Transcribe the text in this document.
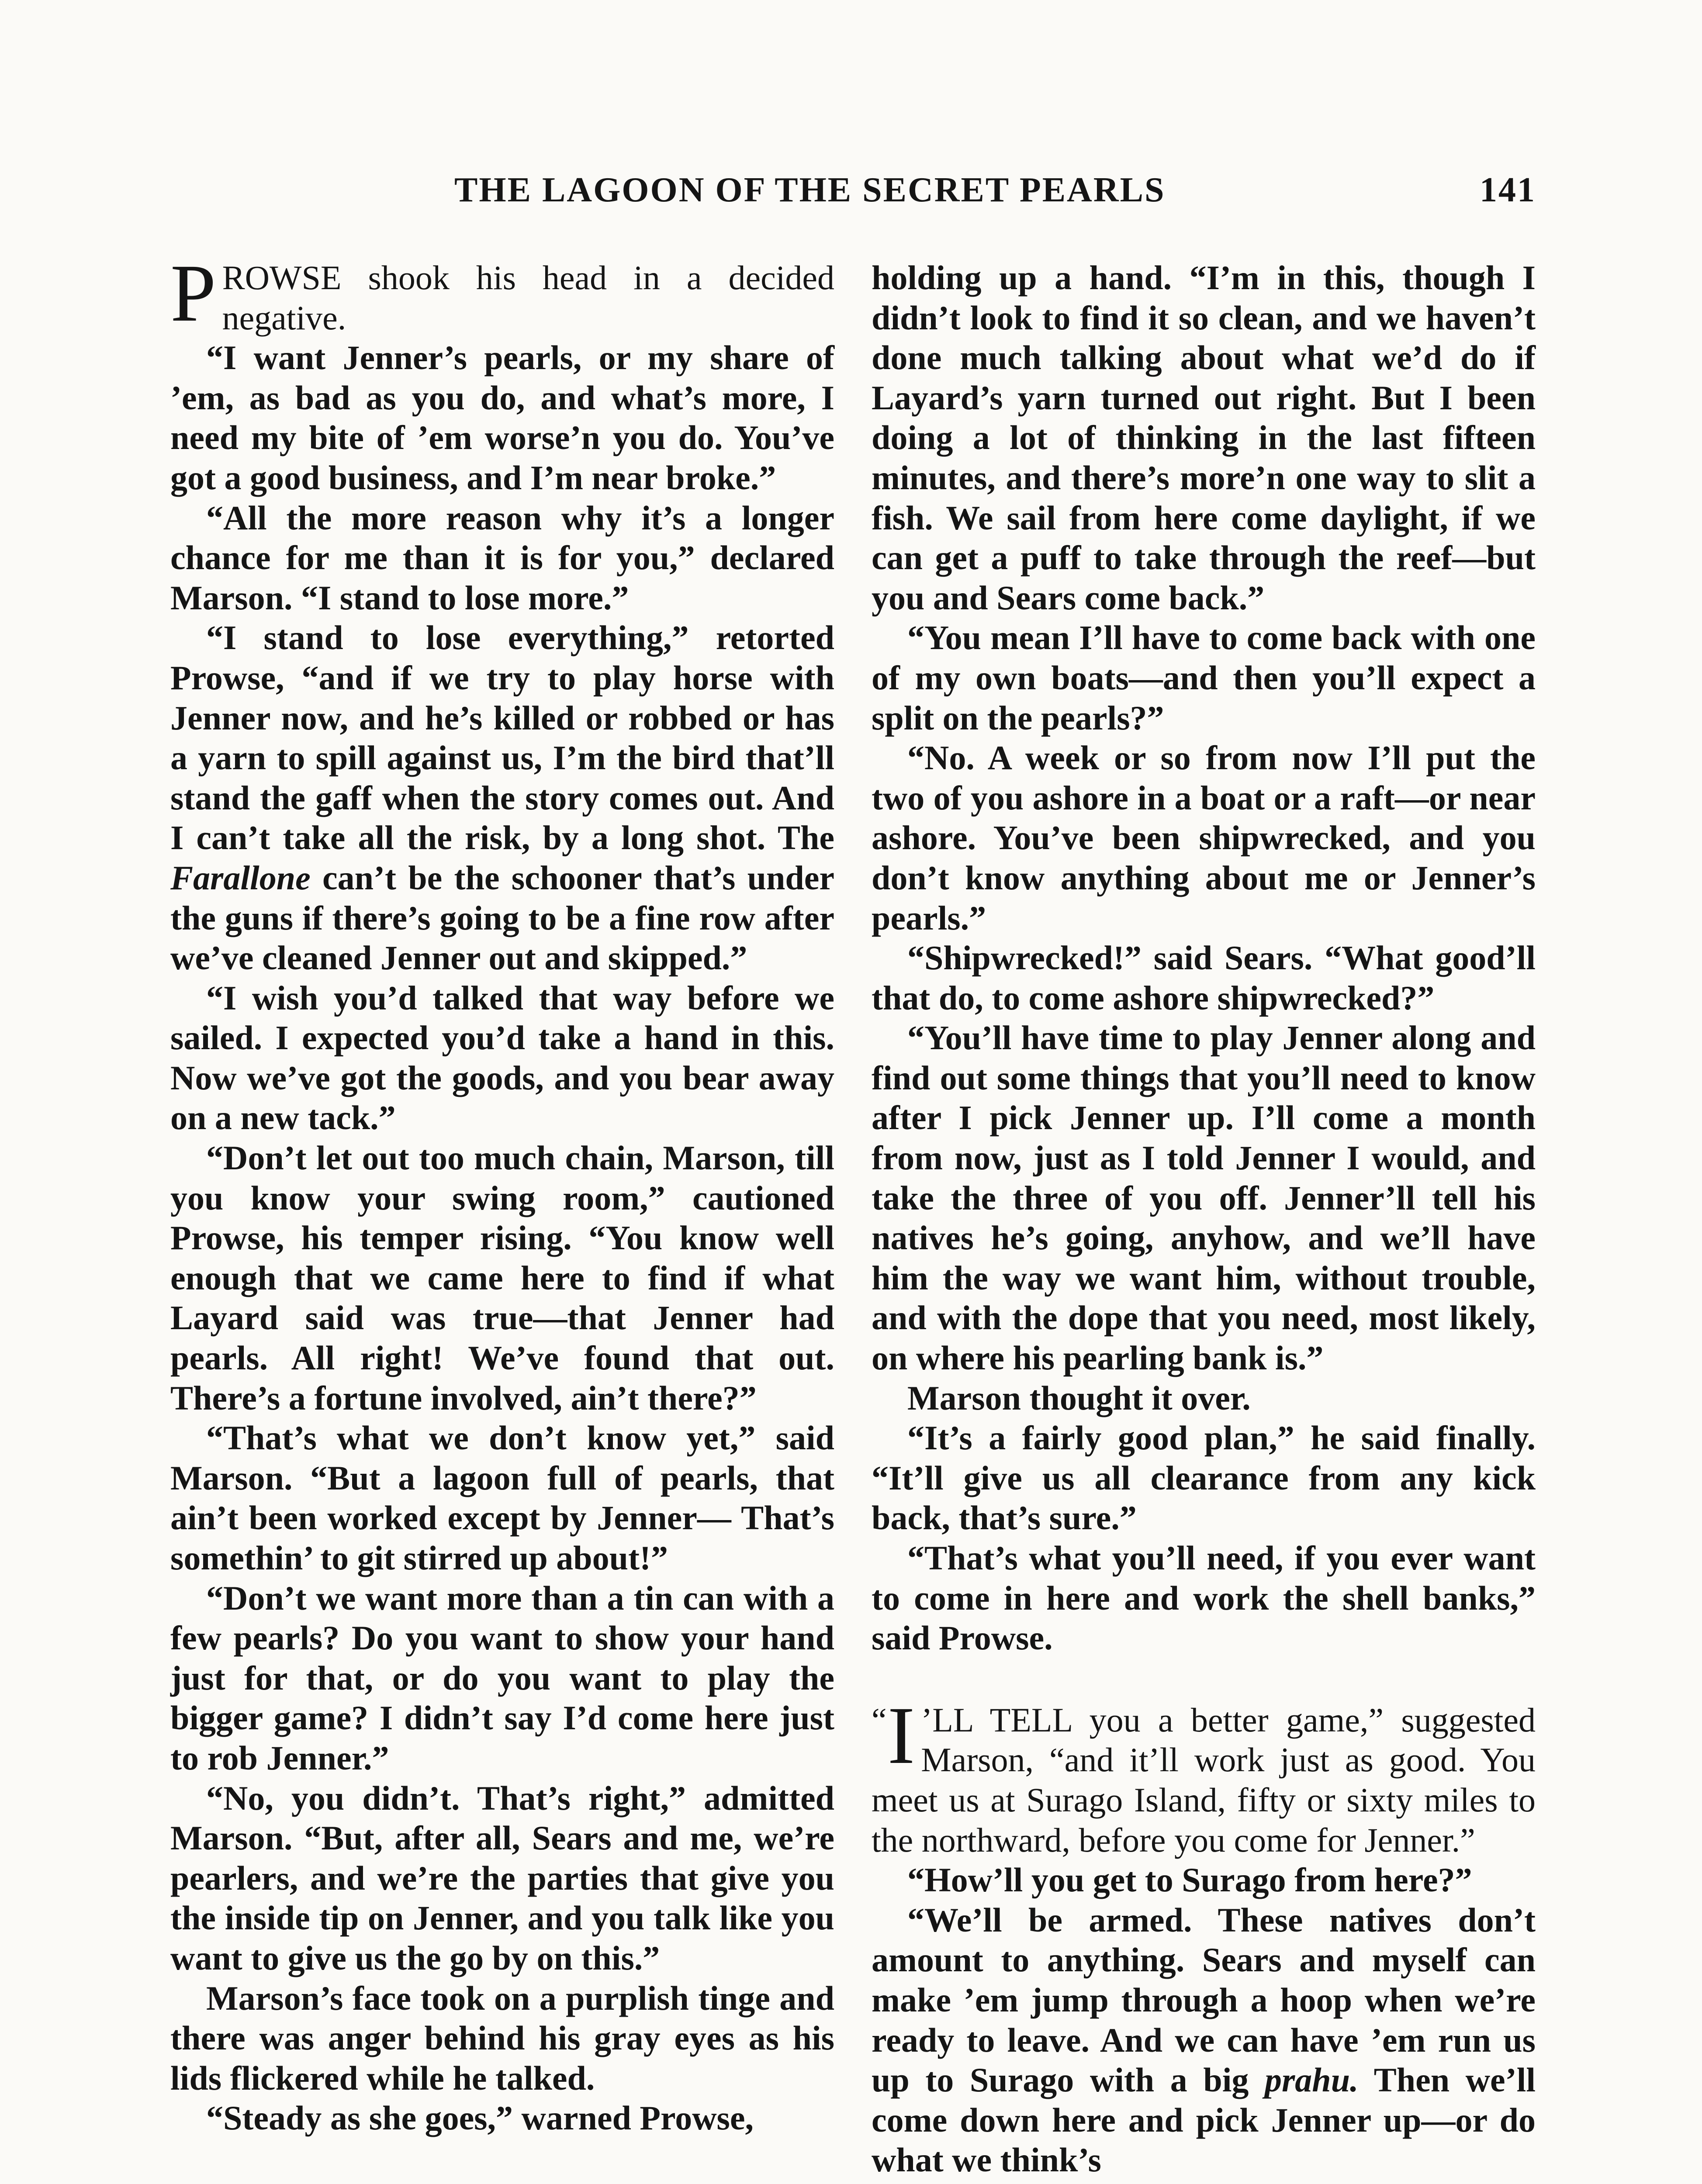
THE LAGOON OF THE SECRET PEARLS	141

PROWSE shook his head in a decided negative.

“I want Jenner’s pearls, or my share of ’em, as bad as you do, and what’s more, I need my bite of ’em worse’n you do. You’ve got a good business, and I’m near broke.”

“All the more reason why it’s a longer chance for me than it is for you,” declared Marson. “I stand to lose more.”

“I stand to lose everything,” retorted Prowse, “and if we try to play horse with Jenner now, and he’s killed or robbed or has a yarn to spill against us, I’m the bird that’ll stand the gaff when the story comes out. And I can’t take all the risk, by a long shot. The Farallone can’t be the schooner that’s under the guns if there’s going to be a fine row after we’ve cleaned Jenner out and skipped.”

“I wish you’d talked that way before we sailed. I expected you’d take a hand in this. Now we’ve got the goods, and you bear away on a new tack.”

“Don’t let out too much chain, Marson, till you know your swing room,” cautioned Prowse, his temper rising. “You know well enough that we came here to find if what Layard said was true—that Jenner had pearls. All right! We’ve found that out. There’s a fortune involved, ain’t there?”

“That’s what we don’t know yet,” said Marson. “But a lagoon full of pearls, that ain’t been worked except by Jenner— That’s somethin’ to git stirred up about!”

“Don’t we want more than a tin can with a few pearls? Do you want to show your hand just for that, or do you want to play the bigger game? I didn’t say I’d come here just to rob Jenner.”

“No, you didn’t. That’s right,” admitted Marson. “But, after all, Sears and me, we’re pearlers, and we’re the parties that give you the inside tip on Jenner, and you talk like you want to give us the go by on this.”

Marson’s face took on a purplish tinge and there was anger behind his gray eyes as his lids flickered while he talked.

“Steady as she goes,” warned Prowse,

holding up a hand. “I’m in this, though I didn’t look to find it so clean, and we haven’t done much talking about what we’d do if Layard’s yarn turned out right. But I been doing a lot of thinking in the last fifteen minutes, and there’s more’n one way to slit a fish. We sail from here come daylight, if we can get a puff to take through the reef—but you and Sears come back.”

“You mean I’ll have to come back with one of my own boats—and then you’ll expect a split on the pearls?”

“No. A week or so from now I’ll put the two of you ashore in a boat or a raft—or near ashore. You’ve been shipwrecked, and you don’t know anything about me or Jenner’s pearls.”

“Shipwrecked!” said Sears. “What good’ll that do, to come ashore shipwrecked?”

“You’ll have time to play Jenner along and find out some things that you’ll need to know after I pick Jenner up. I’ll come a month from now, just as I told Jenner I would, and take the three of you off. Jenner’ll tell his natives he’s going, anyhow, and we’ll have him the way we want him, without trouble, and with the dope that you need, most likely, on where his pearling bank is.”

Marson thought it over.

“It’s a fairly good plan,” he said finally. “It’ll give us all clearance from any kick back, that’s sure.”

“That’s what you’ll need, if you ever want to come in here and work the shell banks,” said Prowse.

“ I ’LL TELL you a better game,” suggested Marson, “and it’ll work just as good. You meet us at Surago Island, fifty or sixty miles to the northward, before you come for Jenner.”

“How’ll you get to Surago from here?”

“We’ll be armed. These natives don’t amount to anything. Sears and myself can make ’em jump through a hoop when we’re ready to leave. And we can have ’em run us up to Surago with a big prahu. Then we’ll come down here and pick Jenner up—or do what we think’s
